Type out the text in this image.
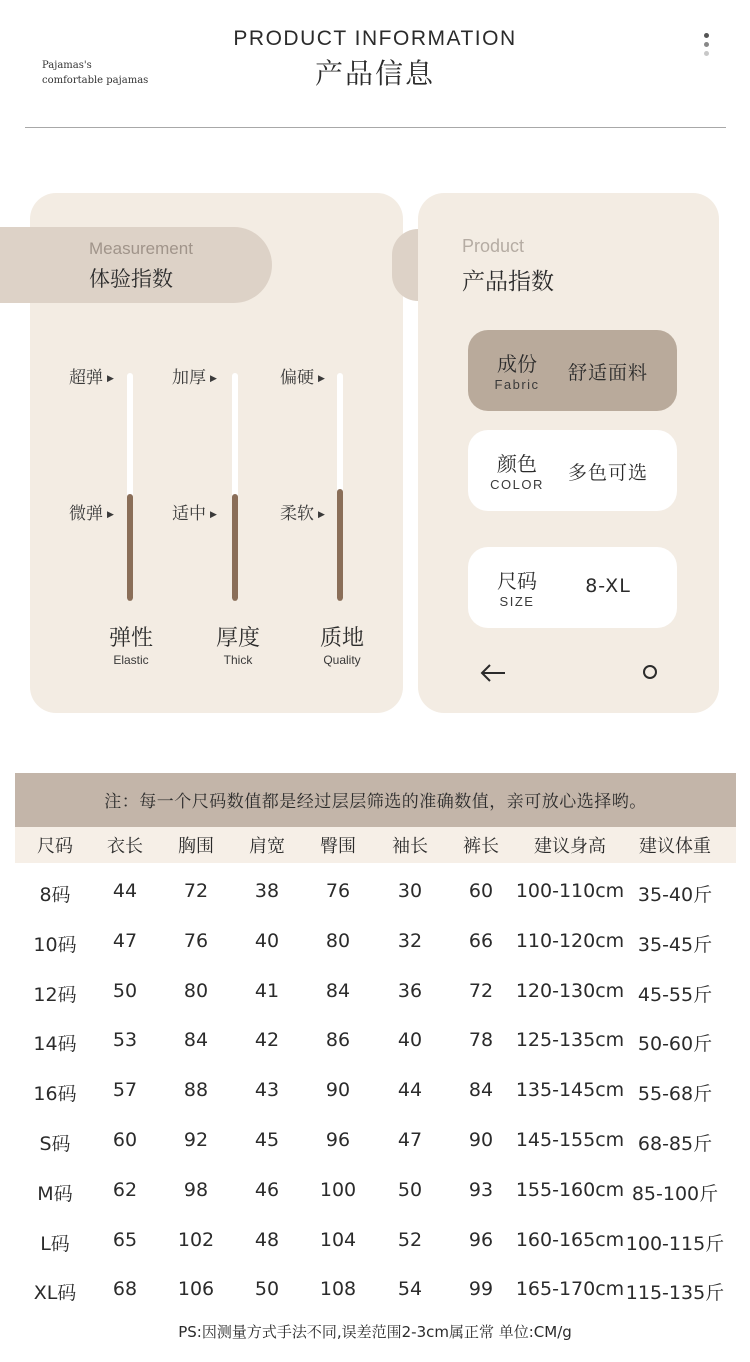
Pajamas's
comfortable pajamas
PRODUCT INFORMATION
产品信息
超弹 ▶
微弹 ▶
弹性
Elastic
加厚 ▶
适中 ▶
厚度
Thick
偏硬 ▶
柔软 ▶
质地
Quality
Measurement
体验指数
Product
产品指数
成份
Fabric
舒适面料
颜色
COLOR
多色可选
尺码
SIZE
8-XL
注：每一个尺码数值都是经过层层筛选的准确数值，亲可放心选择哟。
尺码	衣长	胸围	肩宽	臀围	袖长	裤长	建议身高	建议体重
8码	44	72	38	76	30	60	100-110cm 35-40斤
10码	47	76	40	80	32	66	110-120cm 35-45斤
12码	50	80	41	84	36	72	120-130cm 45-55斤
14码	53	84	42	86	40	78	125-135cm 50-60斤
16码	57	88	43	90	44	84	135-145cm 55-68斤
S码	60	92	45	96	47	90	145-155cm 68-85斤
M码	62	98	46	100	50	93	155-160cm 85-100斤
L码	65	102	48	104	52	96	160-165cm 100-115斤
XL码	68	106	50	108	54	99	165-170cm 115-135斤
PS:因测量方式手法不同,误差范围2-3cm属正常 单位:CM/g
